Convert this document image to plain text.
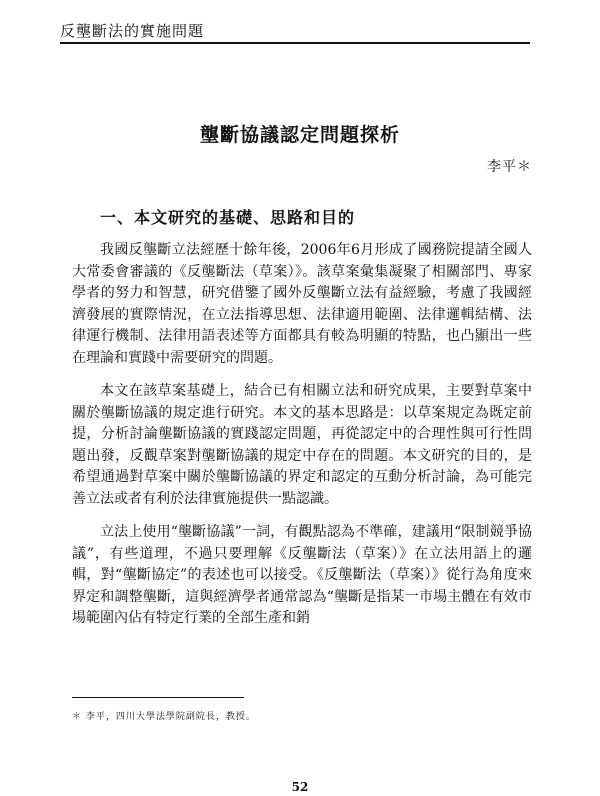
反壟斷法的實施問題
壟斷協議認定問題探析
李平＊
一、本文研究的基礎、思路和目的

我國反壟斷立法經歷十餘年後，2006年6月形成了國務院提請全國人大常委會審議的《反壟斷法（草案）》。該草案彙集凝聚了相關部門、專家學者的努力和智慧，研究借鑒了國外反壟斷立法有益經驗，考慮了我國經濟發展的實際情況，在立法指導思想、法律適用範圍、法律邏輯結構、法律運行機制、法律用語表述等方面都具有較為明顯的特點，也凸顯出一些在理論和實踐中需要研究的問題。

本文在該草案基礎上，結合已有相關立法和研究成果，主要對草案中關於壟斷協議的規定進行研究。本文的基本思路是：以草案規定為既定前提，分析討論壟斷協議的實踐認定問題，再從認定中的合理性與可行性問題出發，反觀草案對壟斷協議的規定中存在的問題。本文研究的目的，是希望通過對草案中關於壟斷協議的界定和認定的互動分析討論，為可能完善立法或者有利於法律實施提供一點認識。

立法上使用“壟斷協議”一詞，有觀點認為不準確，建議用“限制競爭協議”，有些道理，不過只要理解《反壟斷法（草案）》在立法用語上的邏輯，對“壟斷協定”的表述也可以接受。《反壟斷法（草案）》從行為角度來界定和調整壟斷，這與經濟學者通常認為“壟斷是指某一市場主體在有效市場範圍內佔有特定行業的全部生產和銷

＊ 李平，四川大學法學院副院長，教授。
52
